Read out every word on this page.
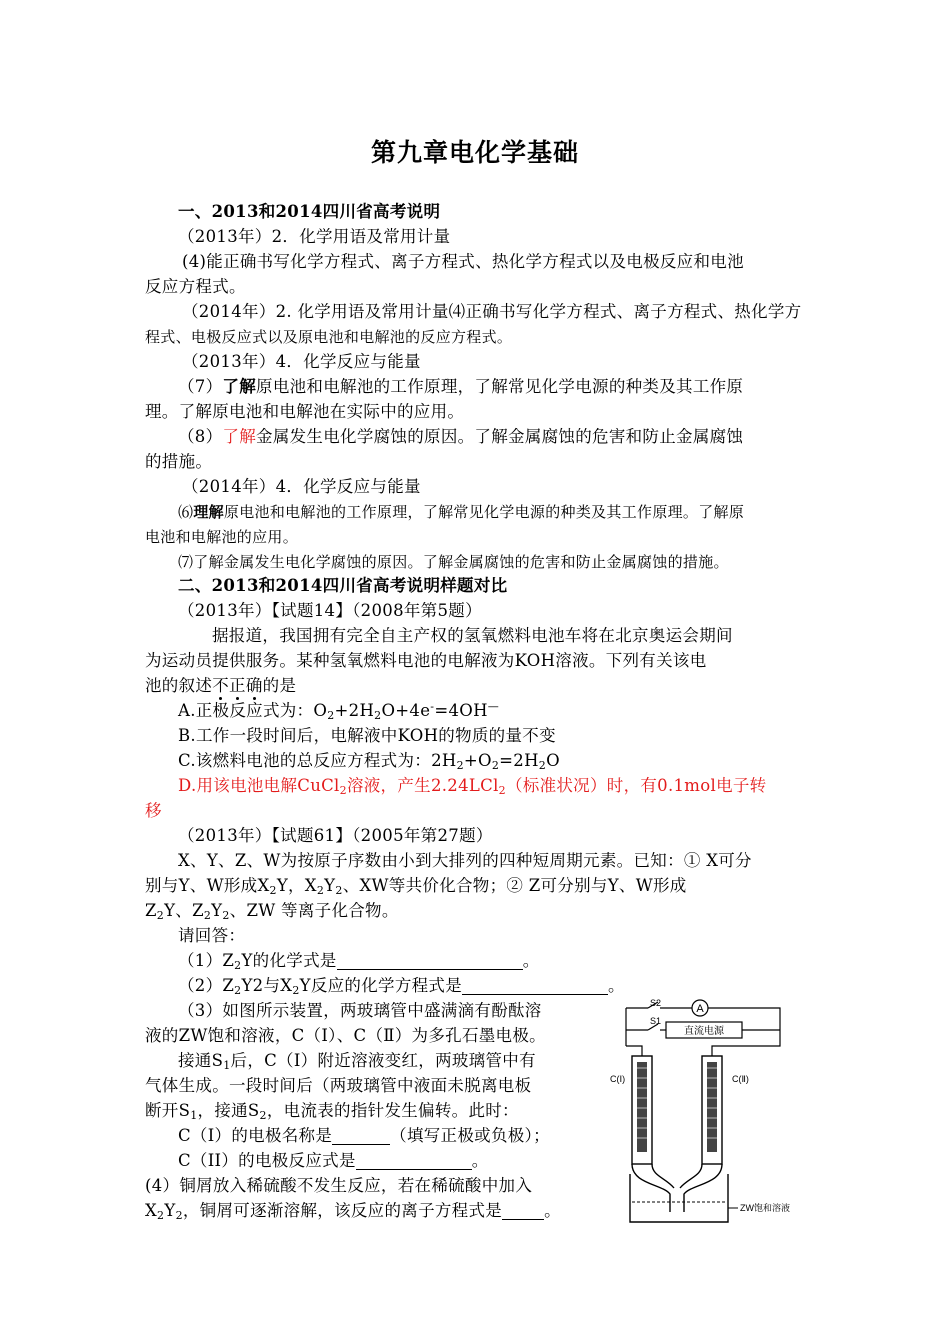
第九章电化学基础
一、2013和2014四川省高考说明
（2013年）2．化学用语及常用计量
(4)能正确书写化学方程式、离子方程式、热化学方程式以及电极反应和电池
反应方程式。
（2014年）2. 化学用语及常用计量⑷正确书写化学方程式、离子方程式、热化学方
程式、电极反应式以及原电池和电解池的反应方程式。
（2013年）4．化学反应与能量
（7）了解原电池和电解池的工作原理，了解常见化学电源的种类及其工作原
理。了解原电池和电解池在实际中的应用。
（8）了解金属发生电化学腐蚀的原因。了解金属腐蚀的危害和防止金属腐蚀
的措施。
（2014年）4．化学反应与能量
⑹理解原电池和电解池的工作原理，了解常见化学电源的种类及其工作原理。了解原
电池和电解池的应用。
⑺了解金属发生电化学腐蚀的原因。了解金属腐蚀的危害和防止金属腐蚀的措施。
二、2013和2014四川省高考说明样题对比
（2013年）【试题14】（2008年第5题）
据报道，我国拥有完全自主产权的氢氧燃料电池车将在北京奥运会期间
为运动员提供服务。某种氢氧燃料电池的电解液为KOH溶液。下列有关该电
池的叙述不正确的是
A.正极反应式为：$O_2+2H_2O+4e^-=4OH^—$
B.工作一段时间后，电解液中KOH的物质的量不变
C.该燃料电池的总反应方程式为：$2H_2+O_2=2H_2O$
D.用该电池电解CuCl$_2$溶液，产生2.24LCl$_2$（标准状况）时，有0.1mol电子转
移
（2013年）【试题61】（2005年第27题）
X、Y、Z、W为按原子序数由小到大排列的四种短周期元素。已知：① X可分
别与Y、W形成$X_2Y$，$X_2Y_2$、XW等共价化合物；② Z可分别与Y、W形成
$Z_2Y$、$Z_2Y_2$、ZW 等离子化合物。
请回答：
$(1)Z_2Y$的化学式是	。
$(2)Z_2Y2$与$X_2Y$反应的化学方程式是	。
（3）如图所示装置，两玻璃管中盛满滴有酚酞溶
液的ZW饱和溶液，C（Ⅰ）、C（Ⅱ）为多孔石墨电极。
接通$S_1$后，C（Ⅰ）附近溶液变红，两玻璃管中有
气体生成。一段时间后（两玻璃管中液面未脱离电板
断开$S_1$，接通$S_2$，电流表的指针发生偏转。此时：
C（I）的电极名称是	（填写正极或负极）；
C（II）的电极反应式是	。
(4）铜屑放入稀硫酸不发生反应，若在稀硫酸中加入
$X_2Y_2$，铜屑可逐渐溶解，该反应的离子方程式是	。
A
S2
S1
直流电源
C(Ⅰ)	C(Ⅱ)
ZW饱和溶液
